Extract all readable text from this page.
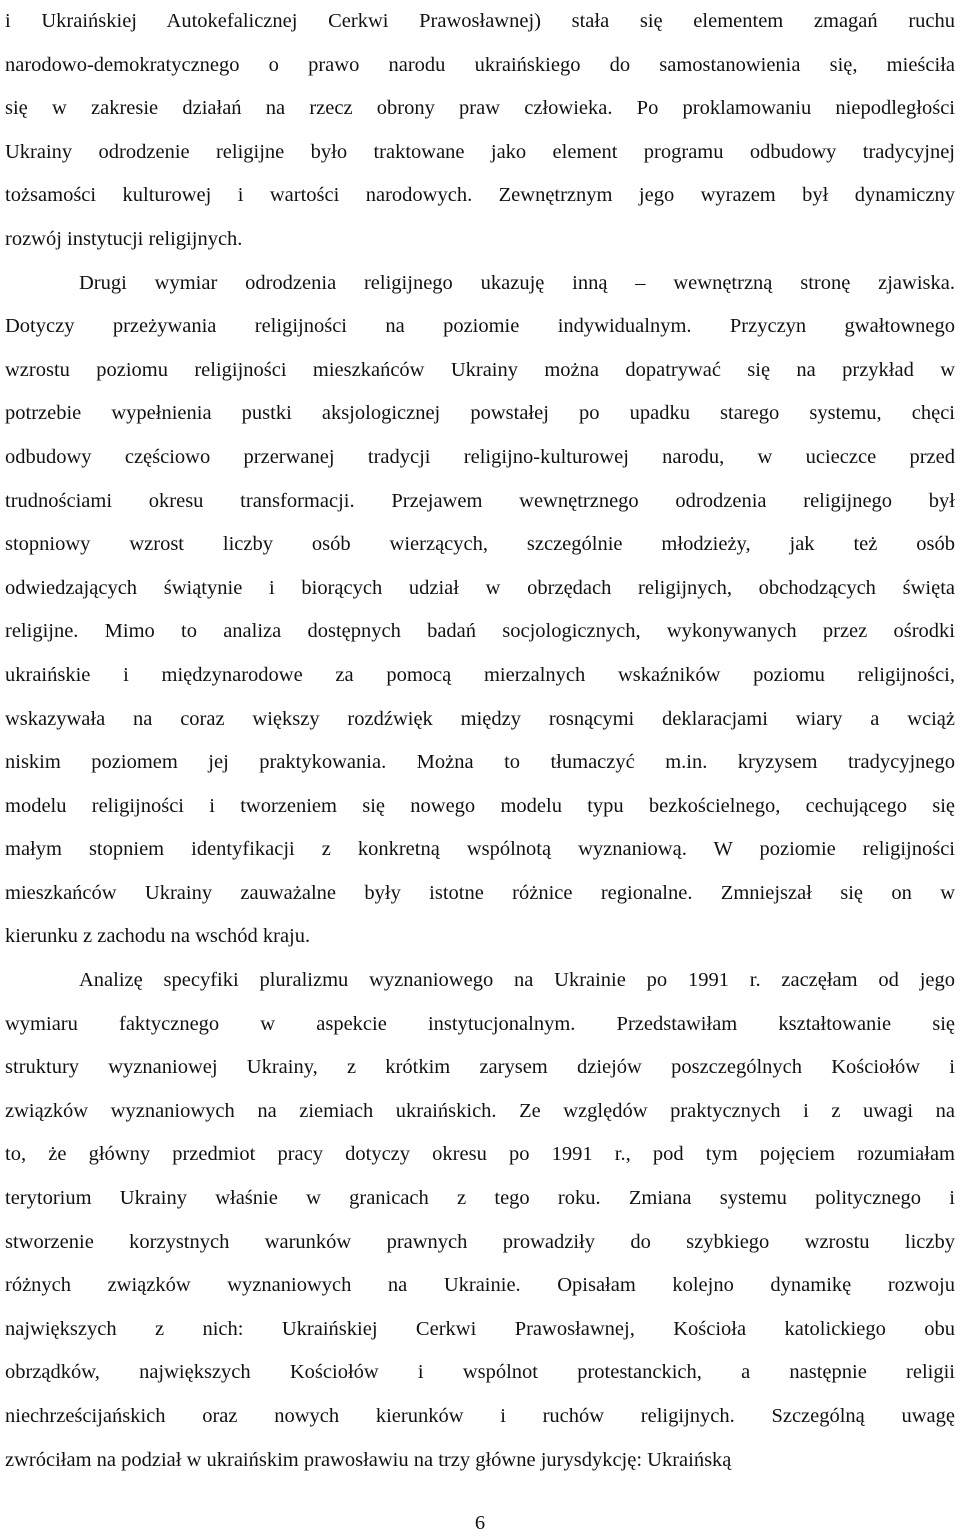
i Ukraińskiej Autokefalicznej Cerkwi Prawosławnej) stała się elementem zmagań ruchu
narodowo-demokratycznego o prawo narodu ukraińskiego do samostanowienia się, mieściła
się w zakresie działań na rzecz obrony praw człowieka. Po proklamowaniu niepodległości
Ukrainy odrodzenie religijne było traktowane jako element programu odbudowy tradycyjnej
tożsamości kulturowej i wartości narodowych. Zewnętrznym jego wyrazem był dynamiczny
rozwój instytucji religijnych.
Drugi wymiar odrodzenia religijnego ukazuję inną – wewnętrzną stronę zjawiska.
Dotyczy przeżywania religijności na poziomie indywidualnym. Przyczyn gwałtownego
wzrostu poziomu religijności mieszkańców Ukrainy można dopatrywać się na przykład w
potrzebie wypełnienia pustki aksjologicznej powstałej po upadku starego systemu, chęci
odbudowy częściowo przerwanej tradycji religijno-kulturowej narodu, w ucieczce przed
trudnościami okresu transformacji. Przejawem wewnętrznego odrodzenia religijnego był
stopniowy wzrost liczby osób wierzących, szczególnie młodzieży, jak też osób
odwiedzających świątynie i biorących udział w obrzędach religijnych, obchodzących święta
religijne. Mimo to analiza dostępnych badań socjologicznych, wykonywanych przez ośrodki
ukraińskie i międzynarodowe za pomocą mierzalnych wskaźników poziomu religijności,
wskazywała na coraz większy rozdźwięk między rosnącymi deklaracjami wiary a wciąż
niskim poziomem jej praktykowania. Można to tłumaczyć m.in. kryzysem tradycyjnego
modelu religijności i tworzeniem się nowego modelu typu bezkościelnego, cechującego się
małym stopniem identyfikacji z konkretną wspólnotą wyznaniową. W poziomie religijności
mieszkańców Ukrainy zauważalne były istotne różnice regionalne. Zmniejszał się on w
kierunku z zachodu na wschód kraju.
Analizę specyfiki pluralizmu wyznaniowego na Ukrainie po 1991 r. zaczęłam od jego
wymiaru faktycznego w aspekcie instytucjonalnym. Przedstawiłam kształtowanie się
struktury wyznaniowej Ukrainy, z krótkim zarysem dziejów poszczególnych Kościołów i
związków wyznaniowych na ziemiach ukraińskich. Ze względów praktycznych i z uwagi na
to, że główny przedmiot pracy dotyczy okresu po 1991 r., pod tym pojęciem rozumiałam
terytorium Ukrainy właśnie w granicach z tego roku. Zmiana systemu politycznego i
stworzenie korzystnych warunków prawnych prowadziły do szybkiego wzrostu liczby
różnych związków wyznaniowych na Ukrainie. Opisałam kolejno dynamikę rozwoju
największych z nich: Ukraińskiej Cerkwi Prawosławnej, Kościoła katolickiego obu
obrządków, największych Kościołów i wspólnot protestanckich, a następnie religii
niechrześcijańskich oraz nowych kierunków i ruchów religijnych. Szczególną uwagę
zwróciłam na podział w ukraińskim prawosławiu na trzy główne jurysdykcję: Ukraińską
6
